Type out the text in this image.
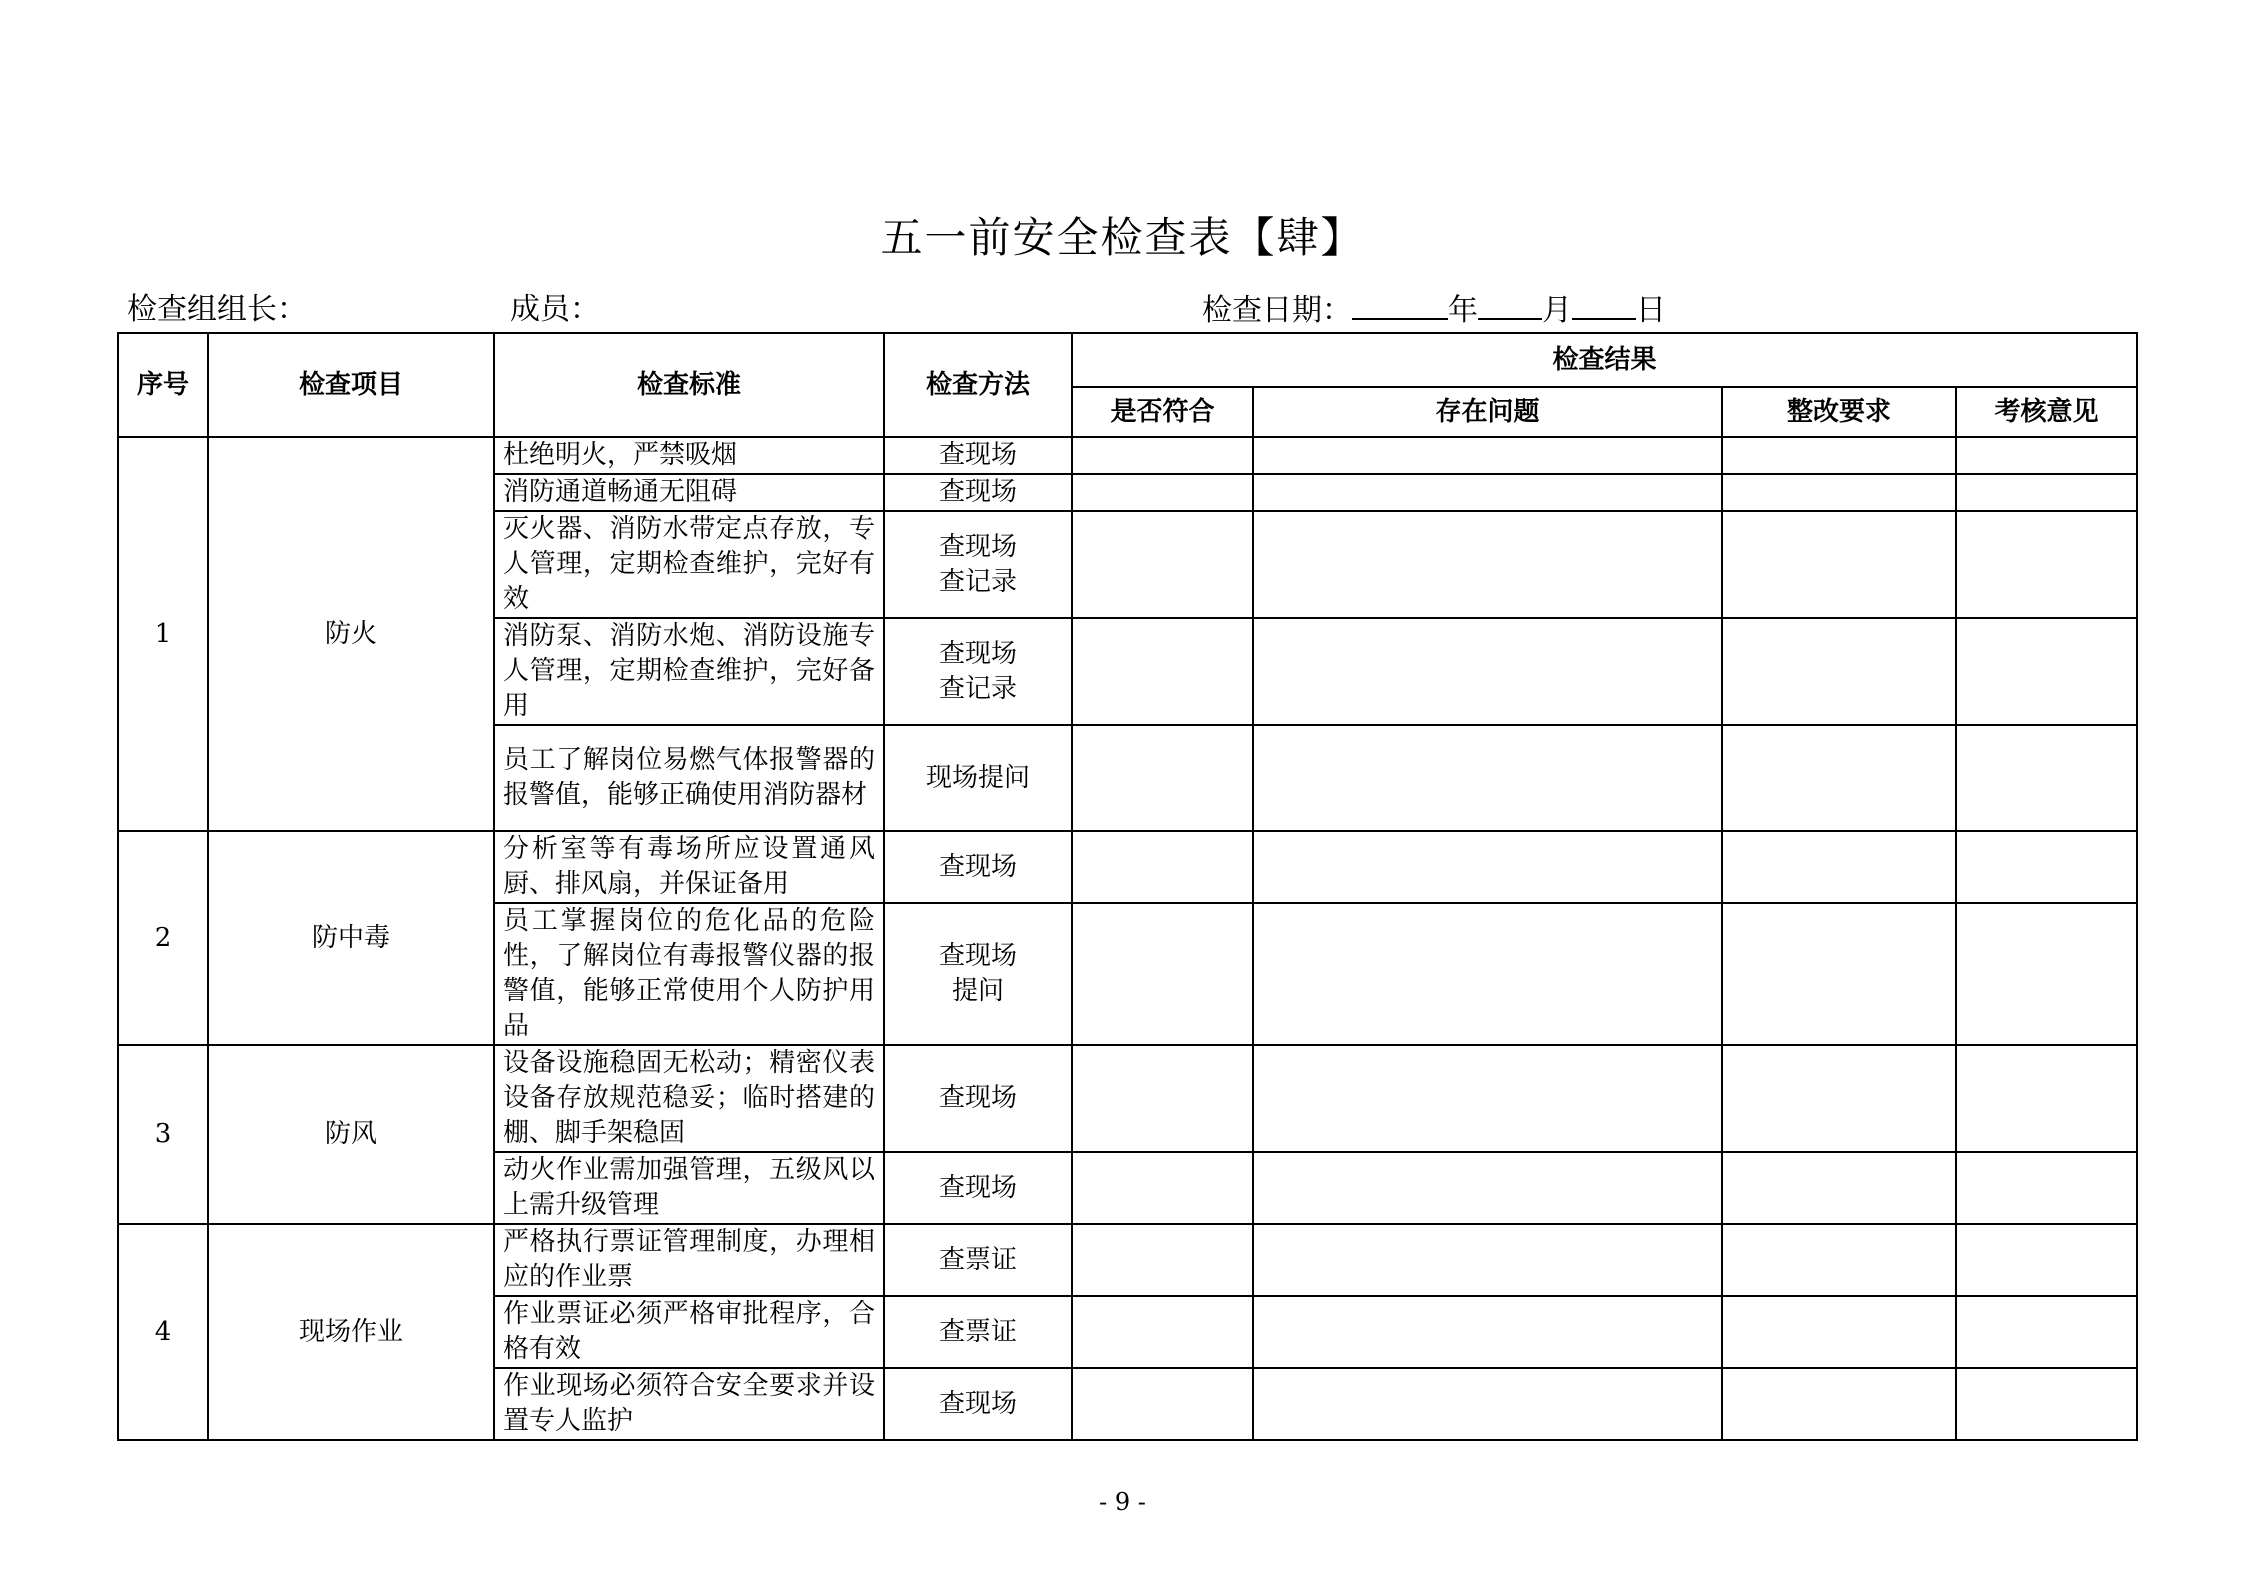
五一前安全检查表【肆】
检查组组长：	成员：	检查日期：	年 月 日
序号	检查项目	检查标准	检查方法	检查结果			
				是否符合	存在问题	整改要求	考核意见
1	防火	杜绝明火，严禁吸烟	查现场				

		消防通道畅通无阻碍	查现场				

		灭火器、消防水带定点存放，专人管理，定期检查维护，完好有效	查现场
查记录				

		消防泵、消防水炮、消防设施专人管理，定期检查维护，完好备用	查现场
查记录				

		员工了解岗位易燃气体报警器的报警值，能够正确使用消防器材	现场提问				

2	防中毒	分析室等有毒场所应设置通风厨、排风扇，并保证备用	查现场				

		员工掌握岗位的危化品的危险性，了解岗位有毒报警仪器的报警值，能够正常使用个人防护用品	查现场
提问				

3	防风	设备设施稳固无松动；精密仪表设备存放规范稳妥；临时搭建的棚、脚手架稳固	查现场				

		动火作业需加强管理，五级风以上需升级管理	查现场				

4	现场作业	严格执行票证管理制度，办理相应的作业票	查票证				

		作业票证必须严格审批程序，合格有效	查票证				

		作业现场必须符合安全要求并设置专人监护	查现场				

- 9 -
